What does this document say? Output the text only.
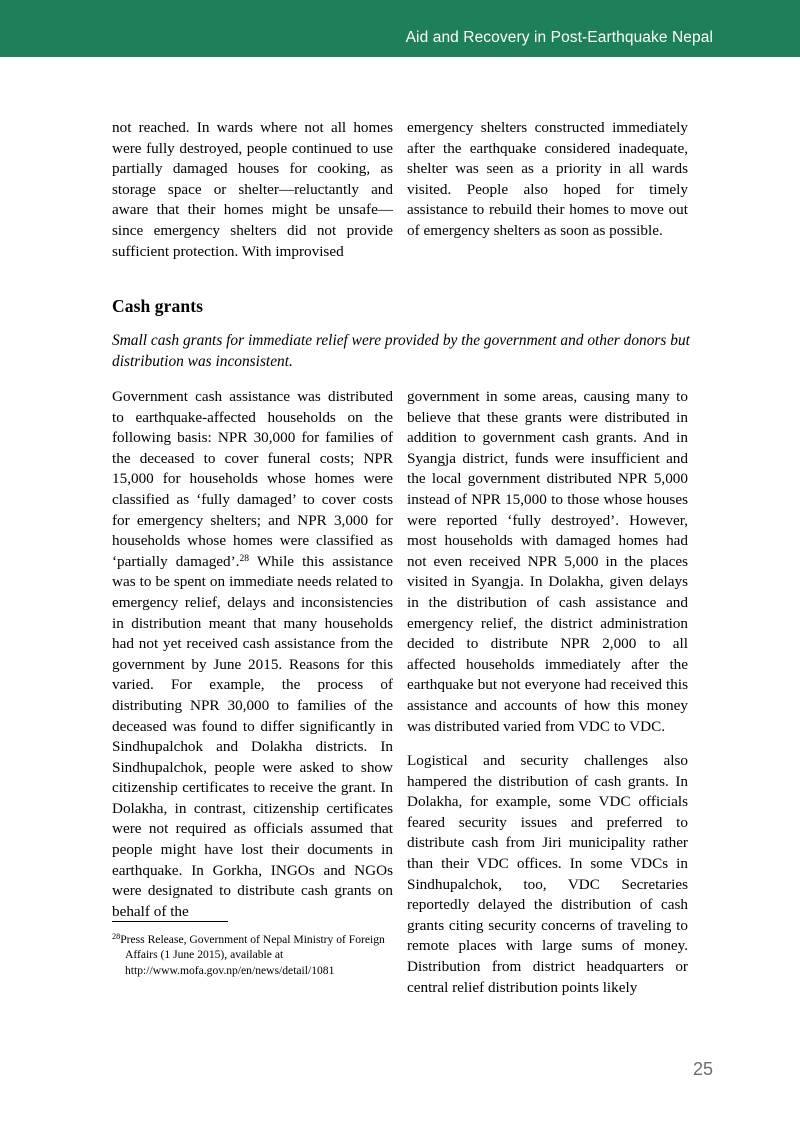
Aid and Recovery in Post-Earthquake Nepal

not reached. In wards where not all homes were fully destroyed, people continued to use partially damaged houses for cooking, as storage space or shelter—reluctantly and aware that their homes might be unsafe—since emergency shelters did not provide sufficient protection. With improvised

emergency shelters constructed immediately after the earthquake considered inadequate, shelter was seen as a priority in all wards visited. People also hoped for timely assistance to rebuild their homes to move out of emergency shelters as soon as possible.

Cash grants

Small cash grants for immediate relief were provided by the government and other donors but distribution was inconsistent.

Government cash assistance was distributed to earthquake-affected households on the following basis: NPR 30,000 for families of the deceased to cover funeral costs; NPR 15,000 for households whose homes were classified as ‘fully damaged’ to cover costs for emergency shelters; and NPR 3,000 for households whose homes were classified as ‘partially damaged’.$^{28}$ While this assistance was to be spent on immediate needs related to emergency relief, delays and inconsistencies in distribution meant that many households had not yet received cash assistance from the government by June 2015. Reasons for this varied. For example, the process of distributing NPR 30,000 to families of the deceased was found to differ significantly in Sindhupalchok and Dolakha districts. In Sindhupalchok, people were asked to show citizenship certificates to receive the grant. In Dolakha, in contrast, citizenship certificates were not required as officials assumed that people might have lost their documents in earthquake. In Gorkha, INGOs and NGOs were designated to distribute cash grants on behalf of the

government in some areas, causing many to believe that these grants were distributed in addition to government cash grants. And in Syangja district, funds were insufficient and the local government distributed NPR 5,000 instead of NPR 15,000 to those whose houses were reported ‘fully destroyed’. However, most households with damaged homes had not even received NPR 5,000 in the places visited in Syangja. In Dolakha, given delays in the distribution of cash assistance and emergency relief, the district administration decided to distribute NPR 2,000 to all affected households immediately after the earthquake but not everyone had received this assistance and accounts of how this money was distributed varied from VDC to VDC.

Logistical and security challenges also hampered the distribution of cash grants. In Dolakha, for example, some VDC officials feared security issues and preferred to distribute cash from Jiri municipality rather than their VDC offices. In some VDCs in Sindhupalchok, too, VDC Secretaries reportedly delayed the distribution of cash grants citing security concerns of traveling to remote places with large sums of money. Distribution from district headquarters or central relief distribution points likely

$^{28}$Press Release, Government of Nepal Ministry of Foreign Affairs (1 June 2015), available at http://www.mofa.gov.np/en/news/detail/1081

25
